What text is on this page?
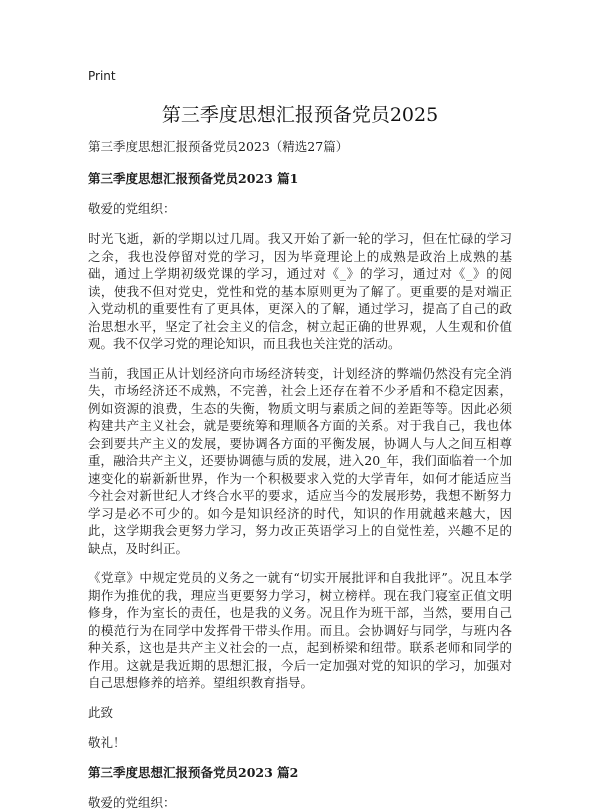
Print
第三季度思想汇报预备党员2025

第三季度思想汇报预备党员2023（精选27篇）

第三季度思想汇报预备党员2023 篇1

敬爱的党组织：

时光飞逝，新的学期以过几周。我又开始了新一轮的学习，但在忙碌的学习之余，我也没停留对党的学习，因为毕竟理论上的成熟是政治上成熟的基础，通过上学期初级党课的学习，通过对《_》的学习，通过对《_》的阅读，使我不但对党史，党性和党的基本原则更为了解了。更重要的是对端正入党动机的重要性有了更具体，更深入的了解，通过学习，提高了自己的政治思想水平，坚定了社会主义的信念，树立起正确的世界观，人生观和价值观。我不仅学习党的理论知识，而且我也关注党的活动。

当前，我国正从计划经济向市场经济转变，计划经济的弊端仍然没有完全消失，市场经济还不成熟，不完善，社会上还存在着不少矛盾和不稳定因素，例如资源的浪费，生态的失衡，物质文明与素质之间的差距等等。因此必须构建共产主义社会，就是要统筹和理顺各方面的关系。对于我自己，我也体会到要共产主义的发展，要协调各方面的平衡发展，协调人与人之间互相尊重，融洽共产主义，还要协调德与质的发展，进入20_年，我们面临着一个加速变化的崭新新世界，作为一个积极要求入党的大学青年，如何才能适应当今社会对新世纪人才终合水平的要求，适应当今的发展形势，我想不断努力学习是必不可少的。如今是知识经济的时代，知识的作用就越来越大，因此，这学期我会更努力学习，努力改正英语学习上的自觉性差，兴趣不足的缺点，及时纠正。

《党章》中规定党员的义务之一就有“切实开展批评和自我批评”。况且本学期作为推优的我，理应当更要努力学习，树立榜样。现在我门寝室正值文明修身，作为室长的责任，也是我的义务。况且作为班干部，当然，要用自己的模范行为在同学中发挥骨干带头作用。而且。会协调好与同学，与班内各种关系，这也是共产主义社会的一点，起到桥梁和纽带。联系老师和同学的作用。这就是我近期的思想汇报，今后一定加强对党的知识的学习，加强对自己思想修养的培养。望组织教育指导。

此致

敬礼！

第三季度思想汇报预备党员2023 篇2

敬爱的党组织：
